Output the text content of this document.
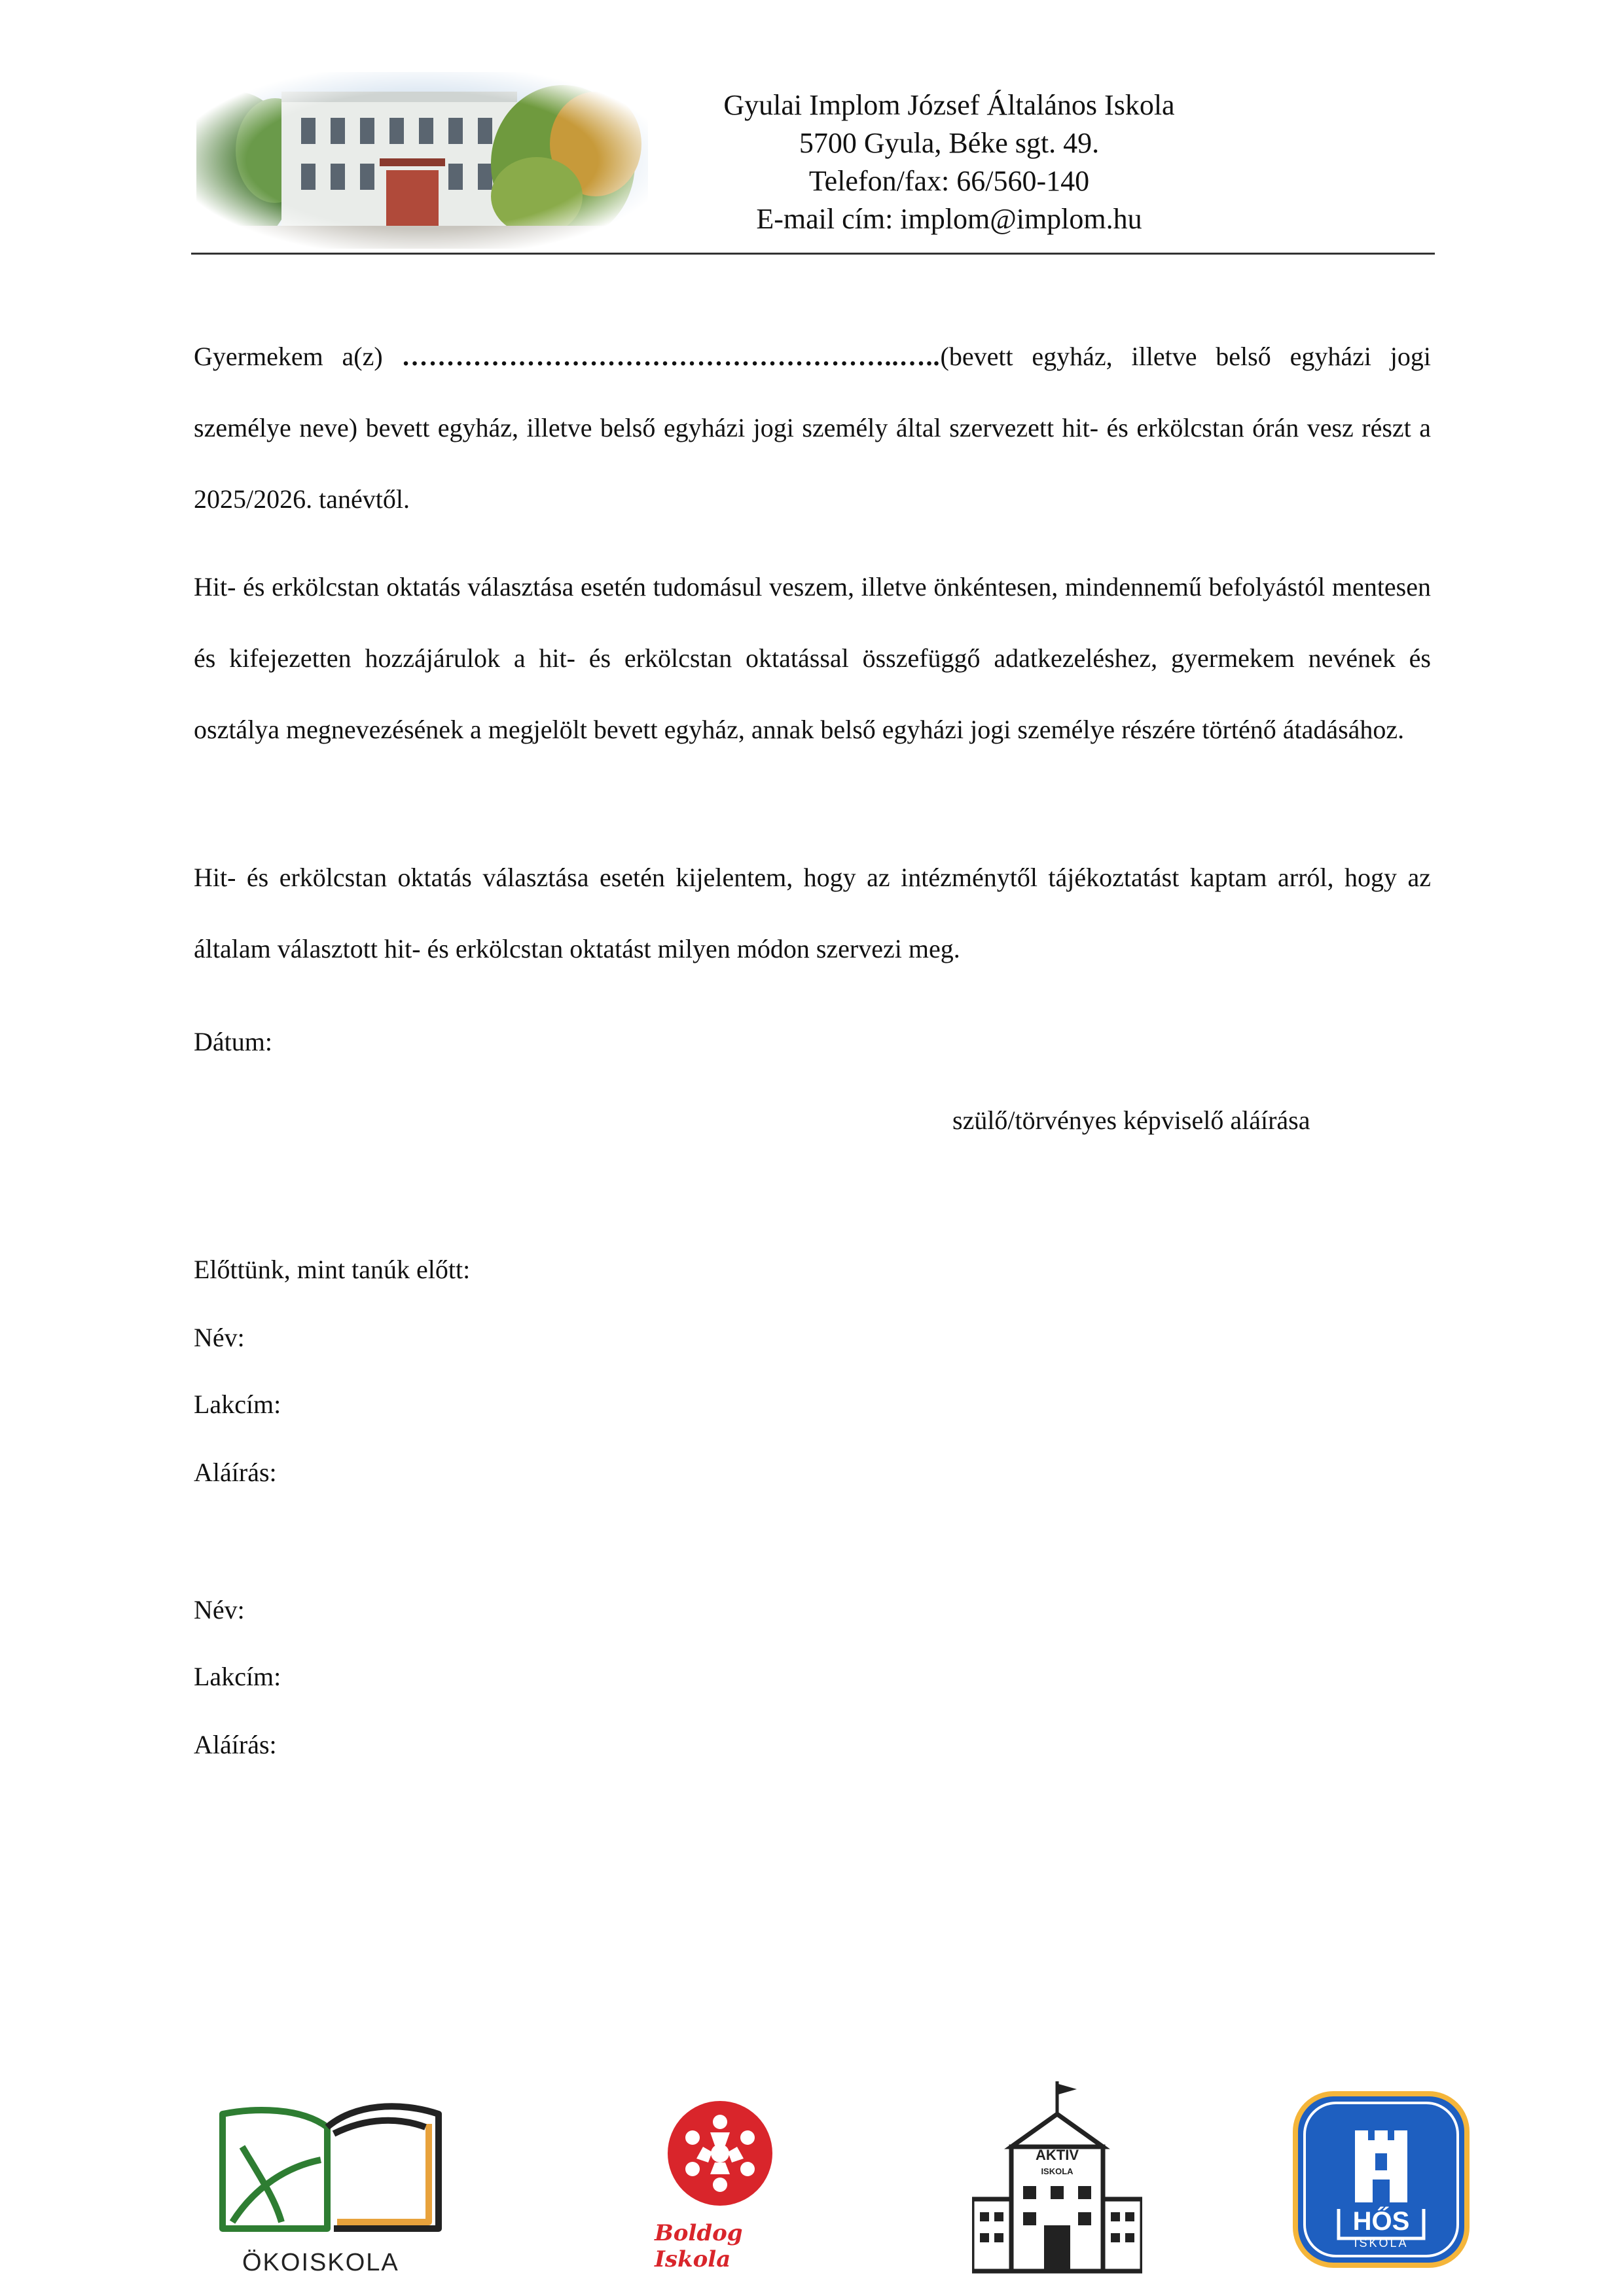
Gyulai Implom József Általános Iskola
5700 Gyula, Béke sgt. 49.
Telefon/fax: 66/560-140
E-mail cím: implom@implom.hu

Gyermekem a(z) ………………………………………………..…..(bevett egyház, illetve belső egyházi jogi személye neve) bevett egyház, illetve belső egyházi jogi személy által szervezett hit- és erkölcstan órán vesz részt a 2025/2026. tanévtől.

Hit- és erkölcstan oktatás választása esetén tudomásul veszem, illetve önkéntesen, mindennemű befolyástól mentesen és kifejezetten hozzájárulok a hit- és erkölcstan oktatással összefüggő adatkezeléshez, gyermekem nevének és osztálya megnevezésének a megjelölt bevett egyház, annak belső egyházi jogi személye részére történő átadásához.

Hit- és erkölcstan oktatás választása esetén kijelentem, hogy az intézménytől tájékoztatást kaptam arról, hogy az általam választott hit- és erkölcstan oktatást milyen módon szervezi meg.

Dátum:
szülő/törvényes képviselő aláírása
Előttünk, mint tanúk előtt:
Név:
Lakcím:
Aláírás:
Név:
Lakcím:
Aláírás:
ÖKOISKOLA
Boldog Iskola
AKTÍV
ISKOLA
HŐS
ISKOLA
